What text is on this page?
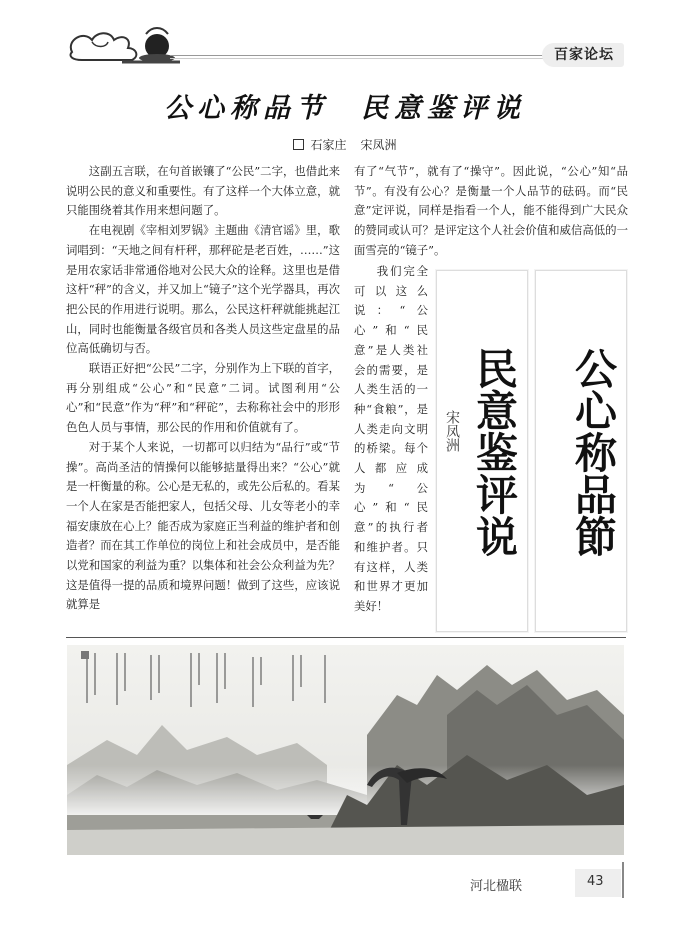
百家论坛
公心称品节 民意鉴评说
石家庄 宋凤洲

这副五言联，在句首嵌镶了“公民”二字，也借此来说明公民的意义和重要性。有了这样一个大体立意，就只能围绕着其作用来想问题了。

在电视剧《宰相刘罗锅》主题曲《清官谣》里，歌词唱到：“天地之间有杆秤，那秤砣是老百姓，……”这是用农家话非常通俗地对公民大众的诠释。这里也是借这杆“秤”的含义，并又加上“镜子”这个光学器具，再次把公民的作用进行说明。那么，公民这杆秤就能挑起江山，同时也能衡量各级官员和各类人员这些定盘星的品位高低确切与否。

联语正好把“公民”二字，分别作为上下联的首字，再分别组成“公心”和“民意”二词。试图利用“公心”和“民意”作为“秤”和“秤砣”，去称称社会中的形形色色人员与事情，那公民的作用和价值就有了。

对于某个人来说，一切都可以归结为“品行”或“节操”。高尚圣洁的情操何以能够掂量得出来？“公心”就是一杆衡量的称。公心是无私的，或先公后私的。看某一个人在家是否能把家人，包括父母、儿女等老小的幸福安康放在心上？能否成为家庭正当利益的维护者和创造者？而在其工作单位的岗位上和社会成员中，是否能以党和国家的利益为重？以集体和社会公众利益为先？这是值得一提的品质和境界问题！做到了这些，应该说就算是

有了“气节”，就有了“操守”。因此说，“公心”知“品节”。有没有公心？是衡量一个人品节的砝码。而“民意”定评说，同样是指看一个人，能不能得到广大民众的赞同或认可？是评定这个人社会价值和威信高低的一面雪亮的“镜子”。

我们完全可以这么说：“公心”和“民意”是人类社会的需要，是人类生活的一种“食粮”，是人类走向文明的桥梁。每个人都应成为“公心”和“民意”的执行者和维护者。只有这样，人类和世界才更加美好！

民意鉴评说	公心称品節
宋凤洲
河北楹联	43
